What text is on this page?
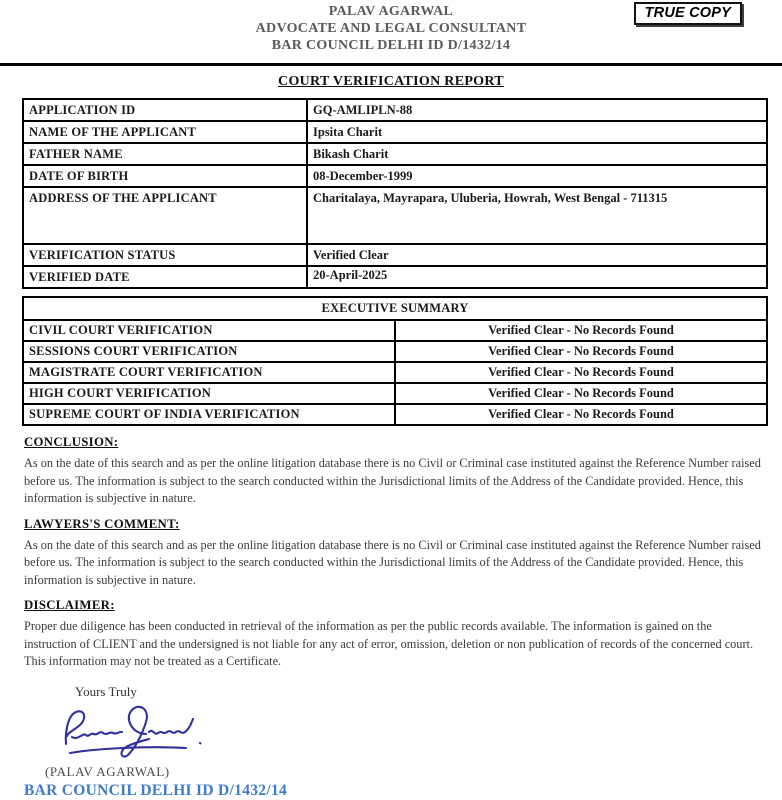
PALAV AGARWAL
ADVOCATE AND LEGAL CONSULTANT
BAR COUNCIL DELHI ID D/1432/14
TRUE COPY
COURT VERIFICATION REPORT
APPLICATION ID	GQ-AMLIPLN-88
NAME OF THE APPLICANT	Ipsita Charit
FATHER NAME	Bikash Charit
DATE OF BIRTH	08-December-1999
ADDRESS OF THE APPLICANT	Charitalaya, Mayrapara, Uluberia, Howrah, West Bengal - 711315
VERIFICATION STATUS	Verified Clear
VERIFIED DATE	20-April-2025
EXECUTIVE SUMMARY	
CIVIL COURT VERIFICATION	Verified Clear - No Records Found
SESSIONS COURT VERIFICATION	Verified Clear - No Records Found
MAGISTRATE COURT VERIFICATION	Verified Clear - No Records Found
HIGH COURT VERIFICATION	Verified Clear - No Records Found
SUPREME COURT OF INDIA VERIFICATION	Verified Clear - No Records Found
CONCLUSION:

As on the date of this search and as per the online litigation database there is no Civil or Criminal case instituted against the Reference Number raised before us. The information is subject to the search conducted within the Jurisdictional limits of the Address of the Candidate provided. Hence, this information is subjective in nature.

LAWYERS'S COMMENT:

As on the date of this search and as per the online litigation database there is no Civil or Criminal case instituted against the Reference Number raised before us. The information is subject to the search conducted within the Jurisdictional limits of the Address of the Candidate provided. Hence, this information is subjective in nature.

DISCLAIMER:

Proper due diligence has been conducted in retrieval of the information as per the public records available. The information is gained on the instruction of CLIENT and the undersigned is not liable for any act of error, omission, deletion or non publication of records of the concerned court. This information may not be treated as a Certificate.

Yours Truly
(PALAV AGARWAL)
BAR COUNCIL DELHI ID D/1432/14
